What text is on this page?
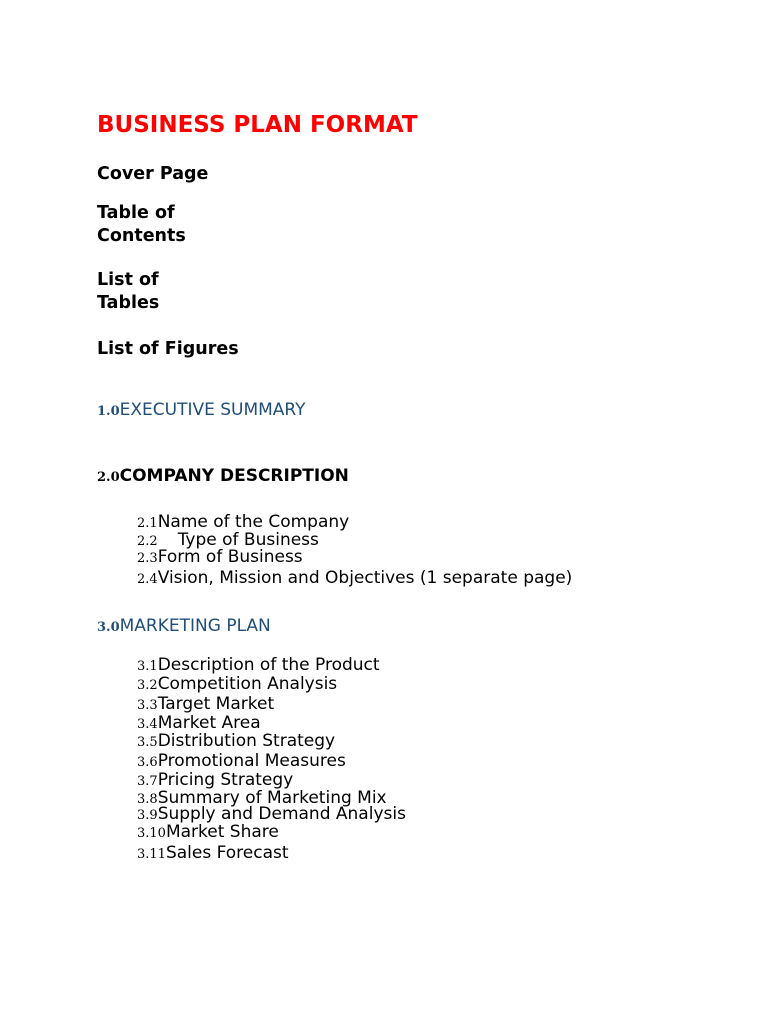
BUSINESS PLAN FORMAT
Cover Page
Table of Contents
List of Tables
List of Figures
1.0 EXECUTIVE SUMMARY
2.0 COMPANY DESCRIPTION
2.1 Name of the Company
2.2 Type of Business
2.3 Form of Business
2.4 Vision, Mission and Objectives (1 separate page)
3.0 MARKETING PLAN
3.1 Description of the Product
3.2 Competition Analysis
3.3 Target Market
3.4 Market Area
3.5 Distribution Strategy
3.6 Promotional Measures
3.7 Pricing Strategy
3.8 Summary of Marketing Mix
3.9 Supply and Demand Analysis
3.10 Market Share
3.11 Sales Forecast
